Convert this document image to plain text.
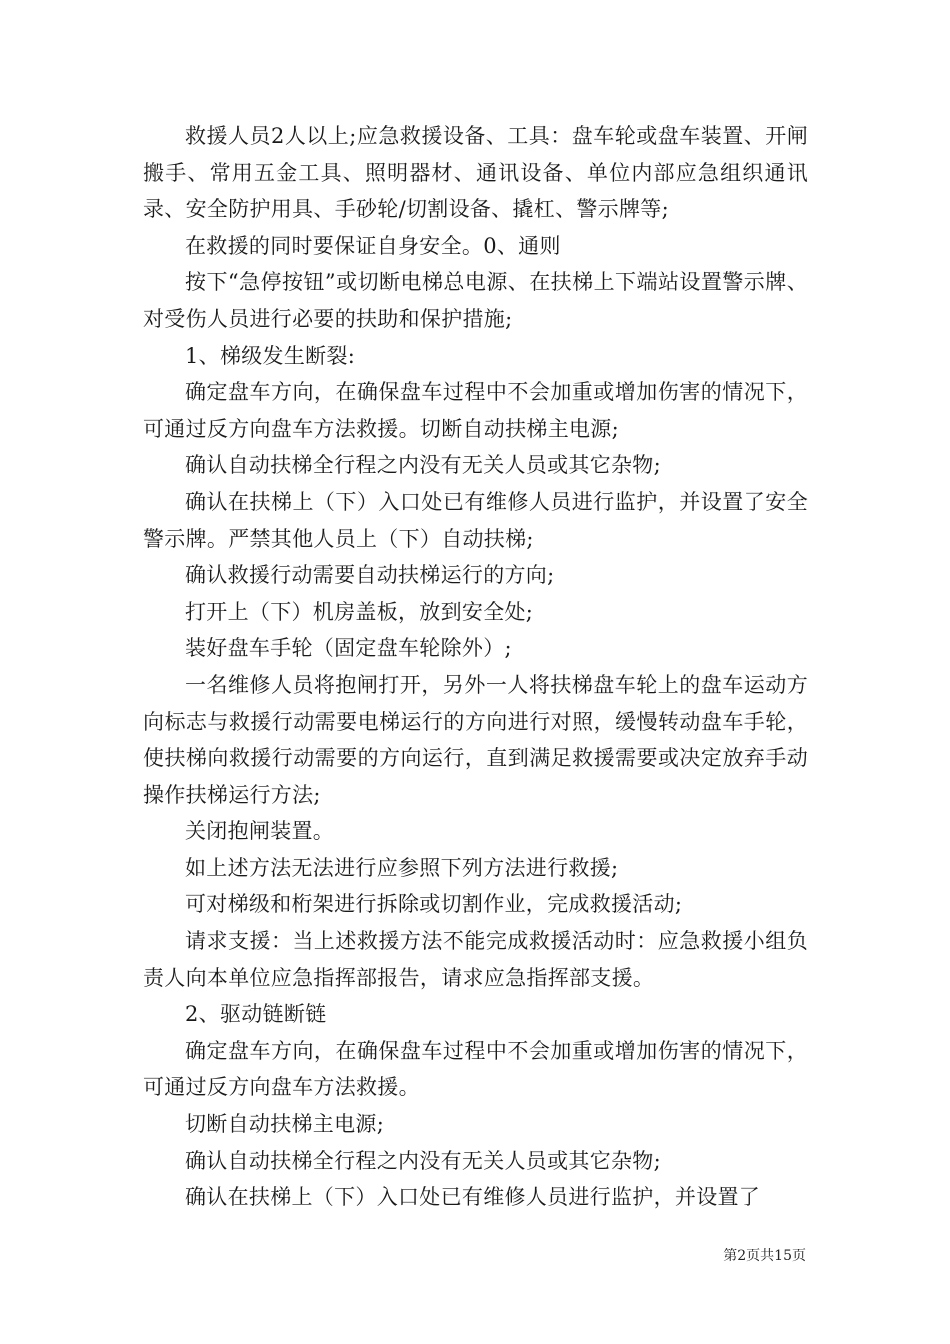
救援人员2人以上;应急救援设备、工具：盘车轮或盘车装置、开闸搬手、常用五金工具、照明器材、通讯设备、单位内部应急组织通讯录、安全防护用具、手砂轮/切割设备、撬杠、警示牌等;

在救援的同时要保证自身安全。0、通则

按下“急停按钮”或切断电梯总电源、在扶梯上下端站设置警示牌、对受伤人员进行必要的扶助和保护措施;

1、梯级发生断裂:

确定盘车方向，在确保盘车过程中不会加重或增加伤害的情况下，可通过反方向盘车方法救援。切断自动扶梯主电源;

确认自动扶梯全行程之内没有无关人员或其它杂物;

确认在扶梯上（下）入口处已有维修人员进行监护，并设置了安全警示牌。严禁其他人员上（下）自动扶梯;

确认救援行动需要自动扶梯运行的方向;

打开上（下）机房盖板，放到安全处;

装好盘车手轮（固定盘车轮除外）;

一名维修人员将抱闸打开，另外一人将扶梯盘车轮上的盘车运动方向标志与救援行动需要电梯运行的方向进行对照，缓慢转动盘车手轮，使扶梯向救援行动需要的方向运行，直到满足救援需要或决定放弃手动操作扶梯运行方法;

关闭抱闸装置。

如上述方法无法进行应参照下列方法进行救援;

可对梯级和桁架进行拆除或切割作业，完成救援活动;

请求支援：当上述救援方法不能完成救援活动时：应急救援小组负责人向本单位应急指挥部报告，请求应急指挥部支援。

2、驱动链断链

确定盘车方向，在确保盘车过程中不会加重或增加伤害的情况下，可通过反方向盘车方法救援。

切断自动扶梯主电源;

确认自动扶梯全行程之内没有无关人员或其它杂物;

确认在扶梯上（下）入口处已有维修人员进行监护，并设置了

第2页共15页
